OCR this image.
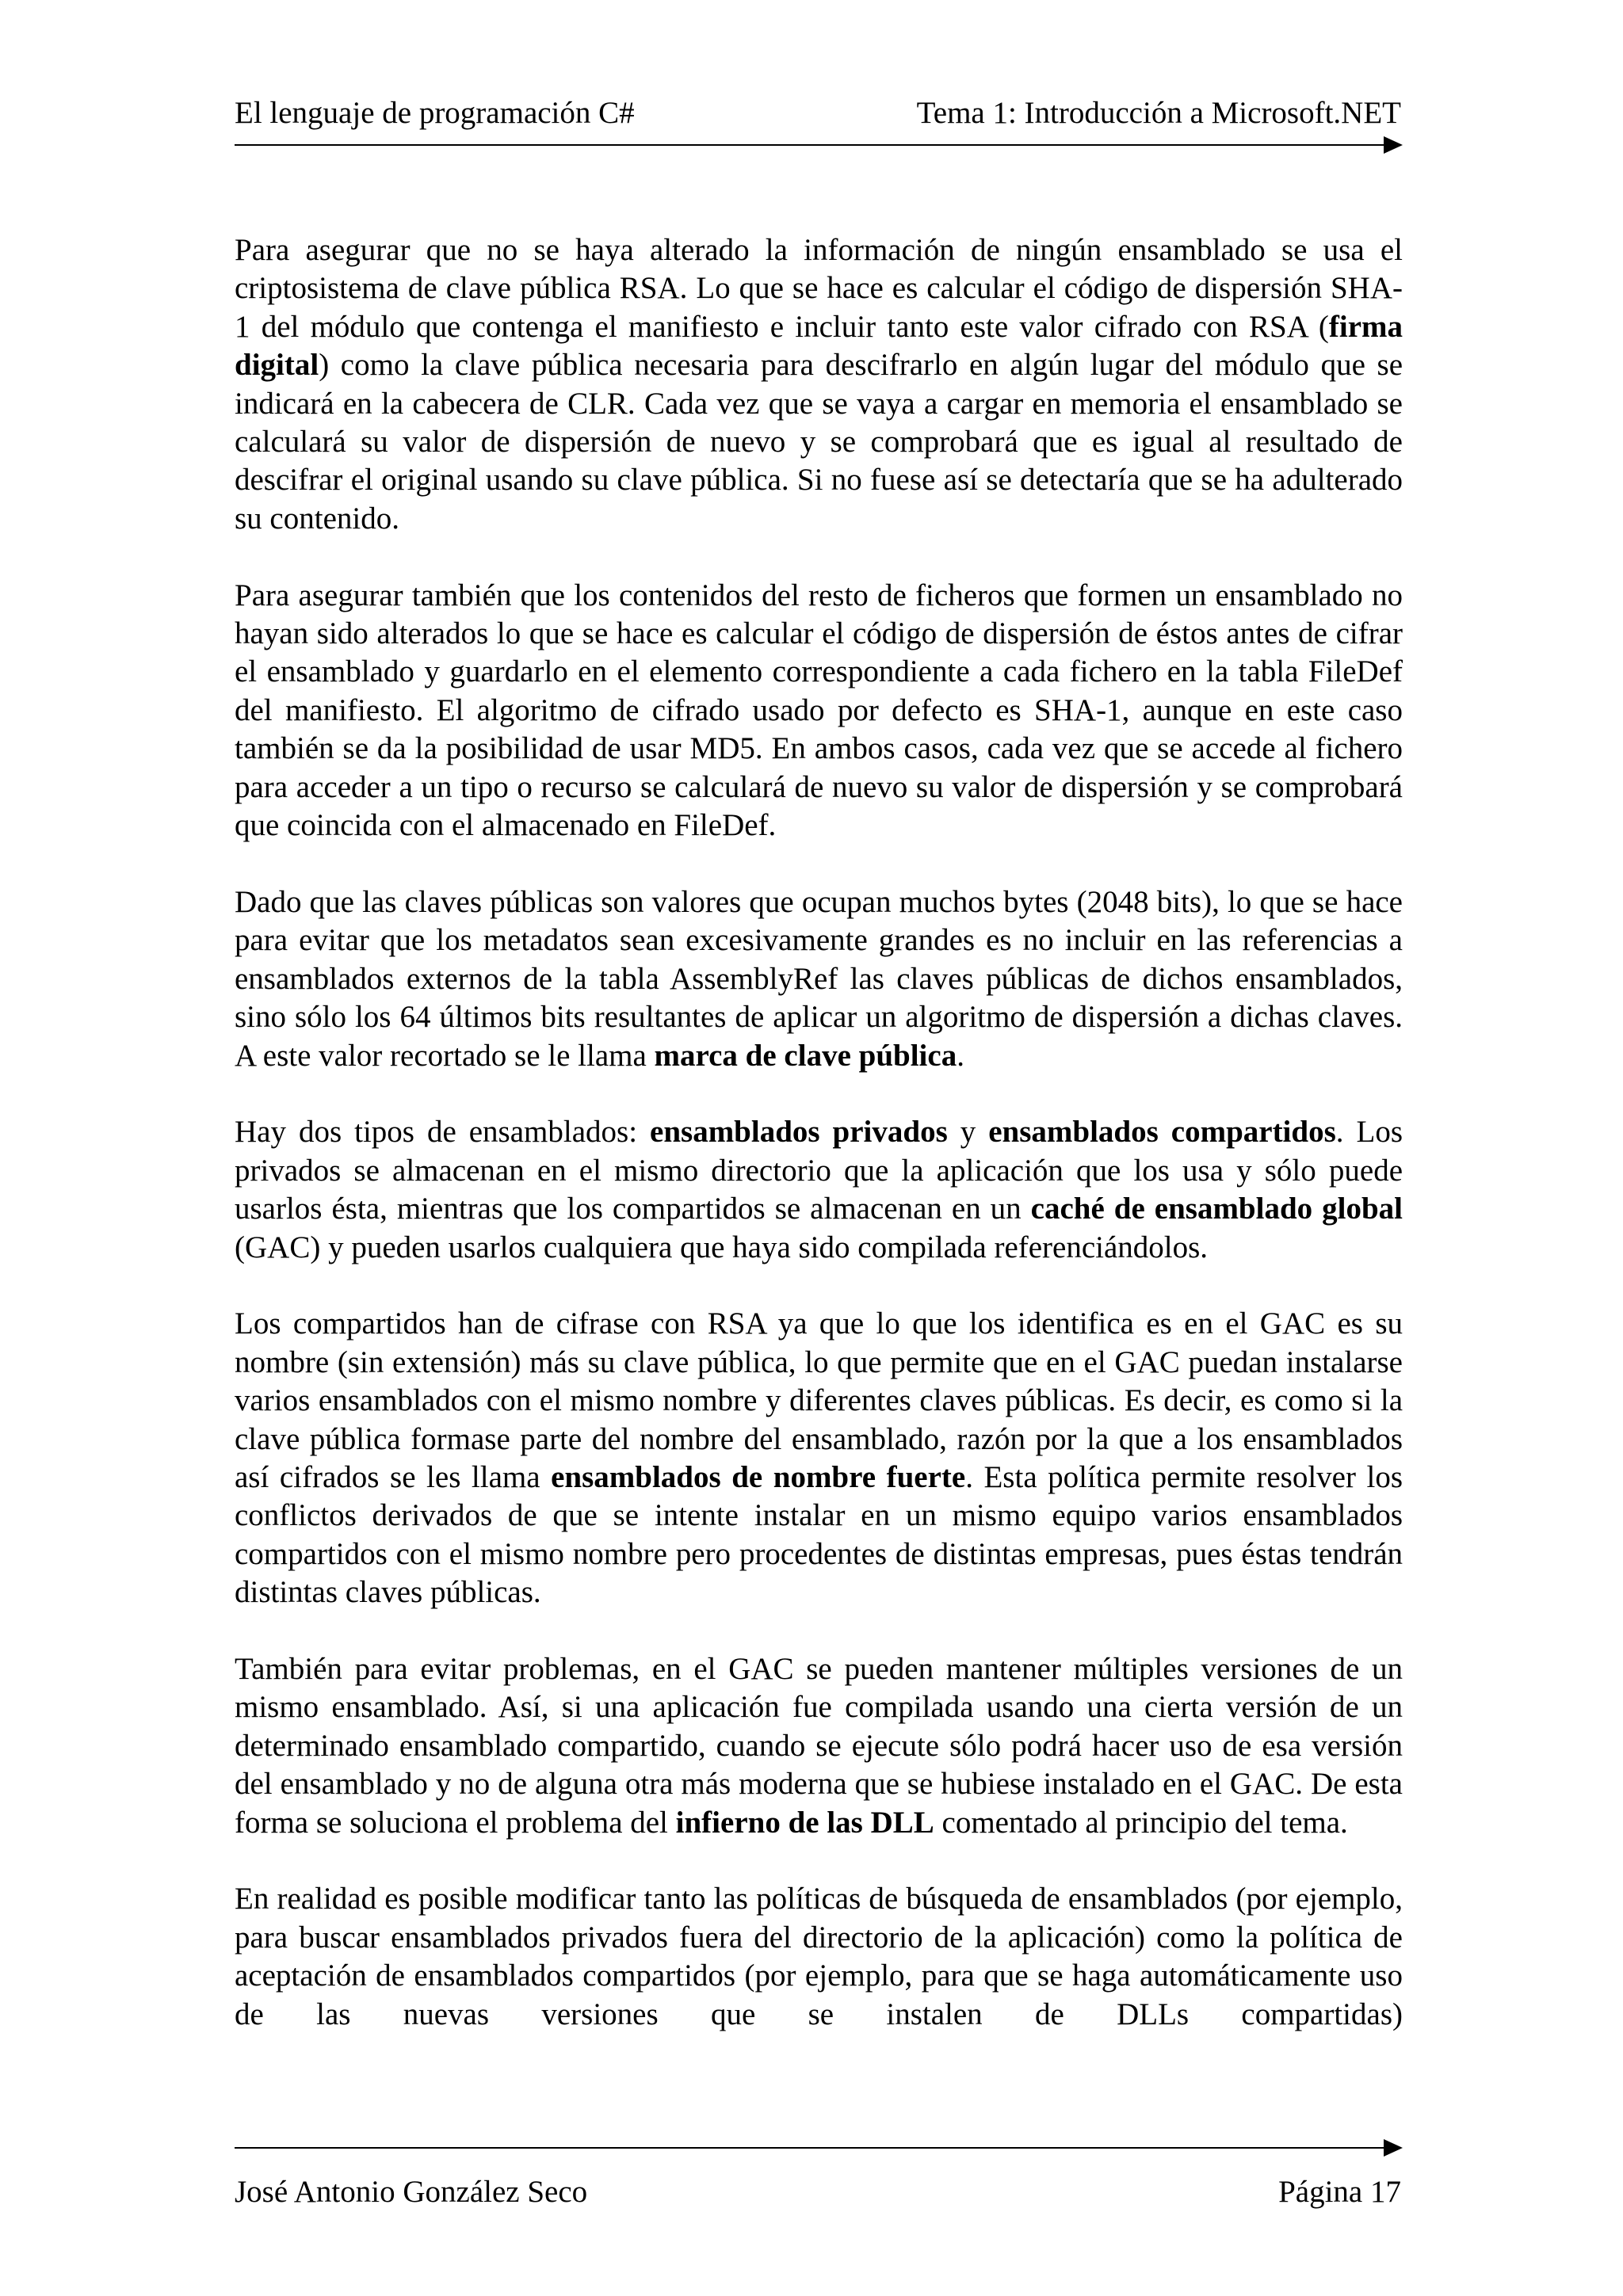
El lenguaje de programación C#	Tema 1: Introducción a Microsoft.NET

Para asegurar que no se haya alterado la información de ningún ensamblado se usa el criptosistema de clave pública RSA. Lo que se hace es calcular el código de dispersión SHA-1 del módulo que contenga el manifiesto e incluir tanto este valor cifrado con RSA (firma digital) como la clave pública necesaria para descifrarlo en algún lugar del módulo que se indicará en la cabecera de CLR. Cada vez que se vaya a cargar en memoria el ensamblado se calculará su valor de dispersión de nuevo y se comprobará que es igual al resultado de descifrar el original usando su clave pública. Si no fuese así se detectaría que se ha adulterado su contenido.

Para asegurar también que los contenidos del resto de ficheros que formen un ensamblado no hayan sido alterados lo que se hace es calcular el código de dispersión de éstos antes de cifrar el ensamblado y guardarlo en el elemento correspondiente a cada fichero en la tabla FileDef del manifiesto. El algoritmo de cifrado usado por defecto es SHA-1, aunque en este caso también se da la posibilidad de usar MD5. En ambos casos, cada vez que se accede al fichero para acceder a un tipo o recurso se calculará de nuevo su valor de dispersión y se comprobará que coincida con el almacenado en FileDef.

Dado que las claves públicas son valores que ocupan muchos bytes (2048 bits), lo que se hace para evitar que los metadatos sean excesivamente grandes es no incluir en las referencias a ensamblados externos de la tabla AssemblyRef las claves públicas de dichos ensamblados, sino sólo los 64 últimos bits resultantes de aplicar un algoritmo de dispersión a dichas claves. A este valor recortado se le llama marca de clave pública.

Hay dos tipos de ensamblados: ensamblados privados y ensamblados compartidos. Los privados se almacenan en el mismo directorio que la aplicación que los usa y sólo puede usarlos ésta, mientras que los compartidos se almacenan en un caché de ensamblado global (GAC) y pueden usarlos cualquiera que haya sido compilada referenciándolos.

Los compartidos han de cifrase con RSA ya que lo que los identifica es en el GAC es su nombre (sin extensión) más su clave pública, lo que permite que en el GAC puedan instalarse varios ensamblados con el mismo nombre y diferentes claves públicas. Es decir, es como si la clave pública formase parte del nombre del ensamblado, razón por la que a los ensamblados así cifrados se les llama ensamblados de nombre fuerte. Esta política permite resolver los conflictos derivados de que se intente instalar en un mismo equipo varios ensamblados compartidos con el mismo nombre pero procedentes de distintas empresas, pues éstas tendrán distintas claves públicas.

También para evitar problemas, en el GAC se pueden mantener múltiples versiones de un mismo ensamblado. Así, si una aplicación fue compilada usando una cierta versión de un determinado ensamblado compartido, cuando se ejecute sólo podrá hacer uso de esa versión del ensamblado y no de alguna otra más moderna que se hubiese instalado en el GAC. De esta forma se soluciona el problema del infierno de las DLL comentado al principio del tema.

En realidad es posible modificar tanto las políticas de búsqueda de ensamblados (por ejemplo, para buscar ensamblados privados fuera del directorio de la aplicación) como la política de aceptación de ensamblados compartidos (por ejemplo, para que se haga automáticamente uso de las nuevas versiones que se instalen de DLLs compartidas)

José Antonio González Seco	Página 17
